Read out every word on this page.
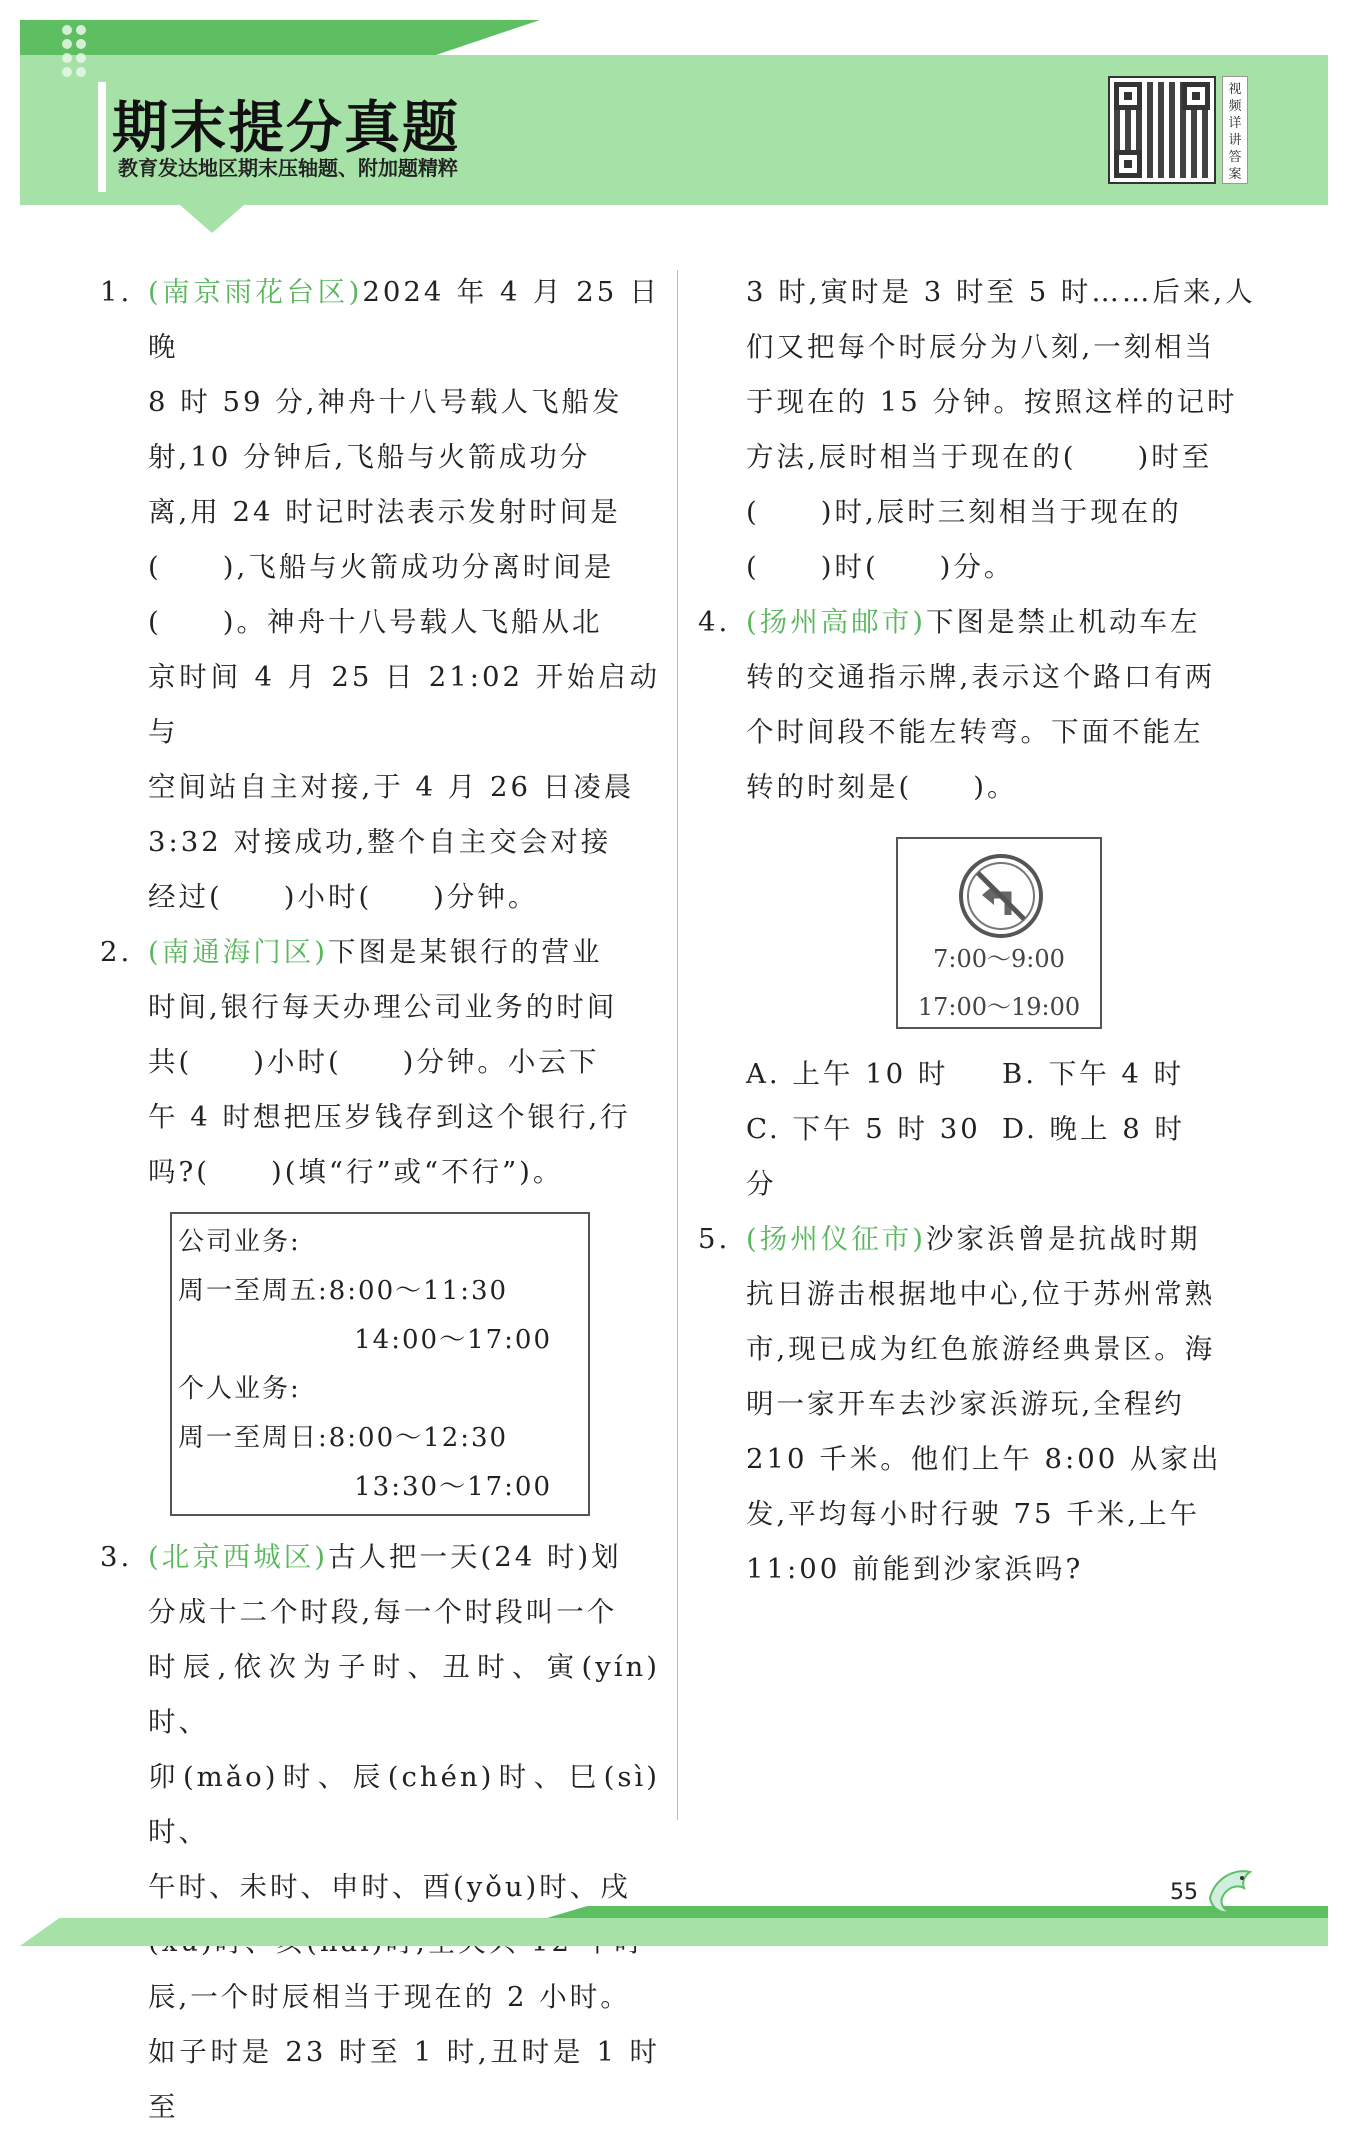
期末提分真题
教育发达地区期末压轴题、附加题精粹
视频详讲答案
1. (南京雨花台区)2024 年 4 月 25 日晚
8 时 59 分,神舟十八号载人飞船发
射,10 分钟后,飞船与火箭成功分
离,用 24 时记时法表示发射时间是
(　　),飞船与火箭成功分离时间是
(　　)。神舟十八号载人飞船从北
京时间 4 月 25 日 21:02 开始启动与
空间站自主对接,于 4 月 26 日凌晨
3:32 对接成功,整个自主交会对接
经过(　　)小时(　　)分钟。
2. (南通海门区)下图是某银行的营业
时间,银行每天办理公司业务的时间
共(　　)小时(　　)分钟。小云下
午 4 时想把压岁钱存到这个银行,行
吗?(　　)(填“行”或“不行”)。
公司业务:
周一至周五:8:00～11:30
14:00～17:00
个人业务:
周一至周日:8:00～12:30
13:30～17:00
3. (北京西城区)古人把一天(24 时)划
分成十二个时段,每一个时段叫一个
时辰,依次为子时、丑时、寅(yín)时、
卯(mǎo)时、辰(chén)时、巳(sì)时、
午时、未时、申时、酉(yǒu)时、戌
辰,一个时辰相当于现在的 2 小时。
如子时是 23 时至 1 时,丑时是 1 时至
3 时,寅时是 3 时至 5 时……后来,人
们又把每个时辰分为八刻,一刻相当
于现在的 15 分钟。按照这样的记时
方法,辰时相当于现在的(　　)时至
(　　)时,辰时三刻相当于现在的
(　　)时(　　)分。
4. (扬州高邮市)下图是禁止机动车左
转的交通指示牌,表示这个路口有两
个时间段不能左转弯。下面不能左
转的时刻是(　　)。
7:00～9:00
17:00～19:00
A. 上午 10 时	B. 下午 4 时
C. 下午 5 时 30 分
D. 晚上 8 时
5. (扬州仪征市)沙家浜曾是抗战时期
抗日游击根据地中心,位于苏州常熟
市,现已成为红色旅游经典景区。海
明一家开车去沙家浜游玩,全程约
210 千米。他们上午 8:00 从家出
发,平均每小时行驶 75 千米,上午
11:00 前能到沙家浜吗?
55
